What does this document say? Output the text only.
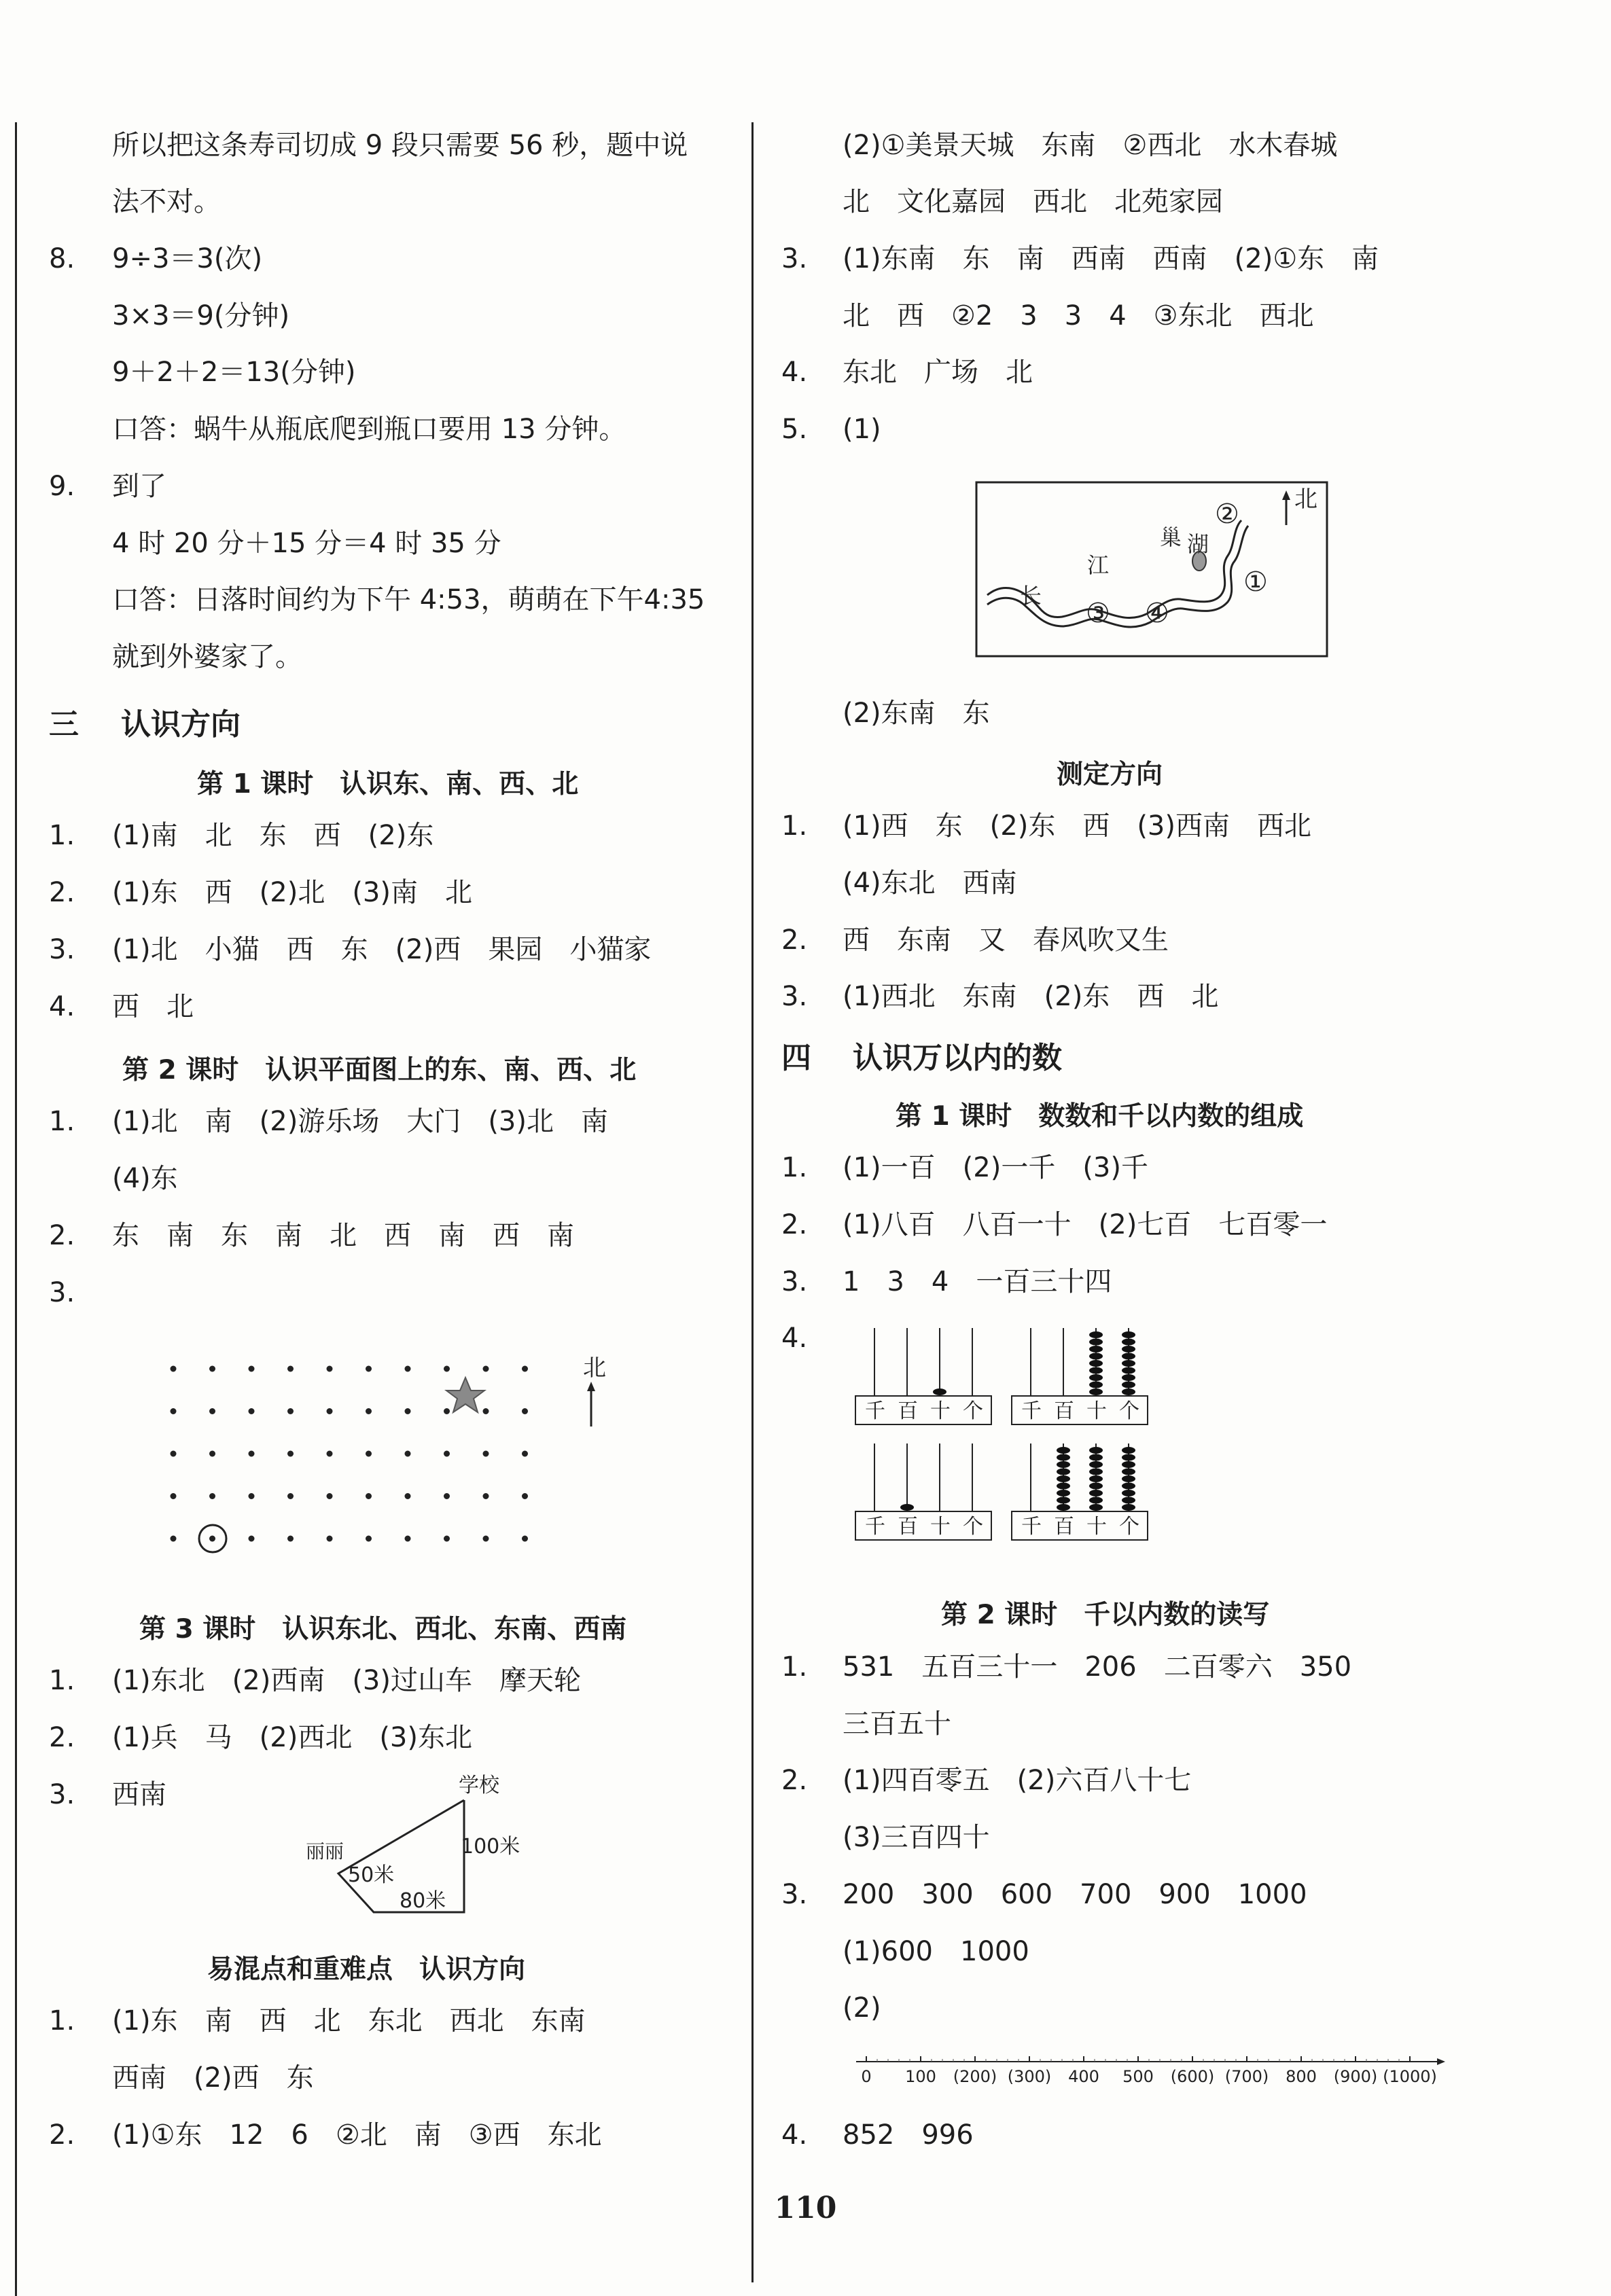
所以把这条寿司切成 9 段只需要 56 秒，题中说
法不对。
8. 9÷3＝3(次)
3×3＝9(分钟)
9＋2＋2＝13(分钟)
口答：蜗牛从瓶底爬到瓶口要用 13 分钟。
9. 到了
4 时 20 分＋15 分＝4 时 35 分
口答：日落时间约为下午 4:53，萌萌在下午4:35
就到外婆家了。
三 认识方向
第 1 课时　认识东、南、西、北
1. (1)南　北　东　西　(2)东
2. (1)东　西　(2)北　(3)南　北
3. (1)北　小猫　西　东　(2)西　果园　小猫家
4. 西　北
第 2 课时　认识平面图上的东、南、西、北
1. (1)北　南　(2)游乐场　大门　(3)北　南
(4)东
2. 东　南　东　南　北　西　南　西　南
3.
北
第 3 课时　认识东北、西北、东南、西南
1. (1)东北　(2)西南　(3)过山车　摩天轮
2. (1)兵　马　(2)西北　(3)东北
3. 西南	学校
丽丽	100米
50米
80米
易混点和重难点　认识方向
1. (1)东　南　西　北　东北　西北　东南
西南　(2)西　东
2. (1)①东　12　6　②北　南　③西　东北
(2)①美景天城　东南　②西北　水木春城
北　文化嘉园　西北　北苑家园
3. (1)东南　东　南　西南　西南　(2)①东　南
北　西　②2　3　3　4　③东北　西北
4. 东北　广场　北
5. (1)
北
巢 湖
江
长	①
②
③ ④
(2)东南　东
测定方向
1. (1)西　东　(2)东　西　(3)西南　西北
(4)东北　西南
2. 西　东南　又　春风吹又生
3. (1)西北　东南　(2)东　西　北
四 认识万以内的数
第 1 课时　数数和千以内数的组成
1. (1)一百　(2)一千　(3)千
2. (1)八百　八百一十　(2)七百　七百零一
3. 1　3　4　一百三十四
4.
千 百 十 个 千 百 十 个
千 百 十 个 千 百 十 个
第 2 课时　千以内数的读写
1. 531　五百三十一　206　二百零六　350
三百五十
2. (1)四百零五　(2)六百八十七
(3)三百四十
3. 200　300　600　700　900　1000
(1)600　1000
(2)
0 100 (200) (300) 400 500 (600) (700) 800 (900) (1000)
4. 852　996
110
